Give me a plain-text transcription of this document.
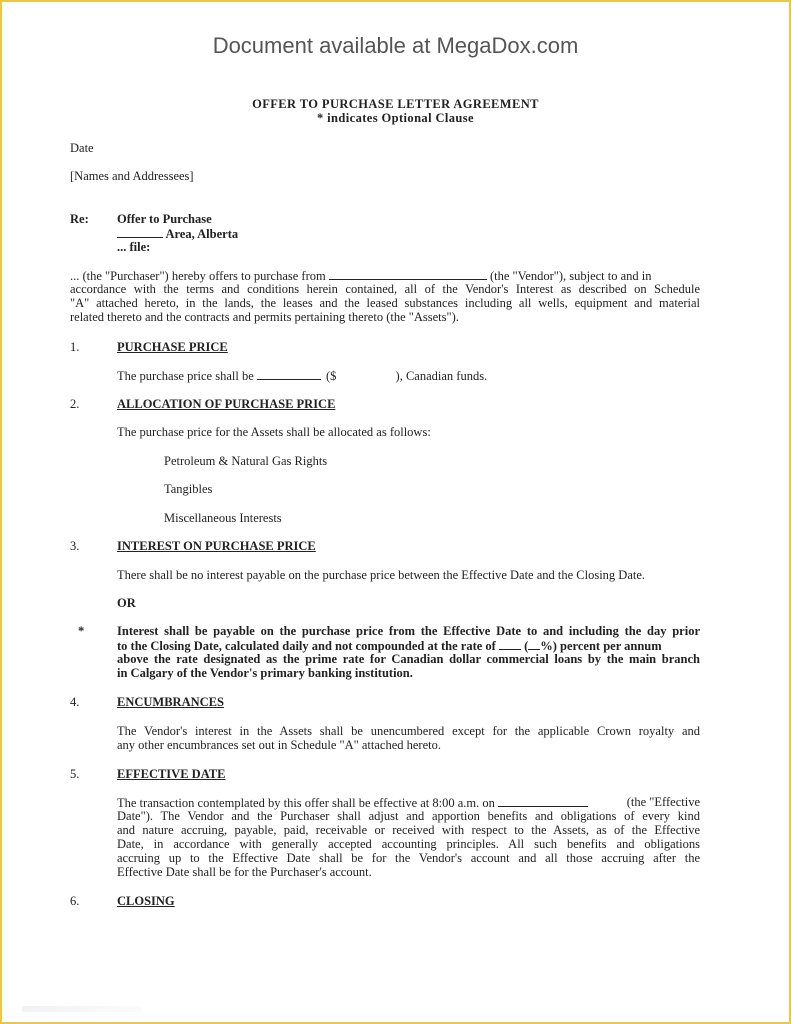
Document available at MegaDox.com
OFFER TO PURCHASE LETTER AGREEMENT
* indicates Optional Clause
Date
[Names and Addressees]
Re: Offer to Purchase
Area, Alberta
... file:
... (the "Purchaser") hereby offers to purchase from	(the "Vendor"), subject to and in
accordance with the terms and conditions herein contained, all of the Vendor's Interest as described on Schedule
"A" attached hereto, in the lands, the leases and the leased substances including all wells, equipment and material
related thereto and the contracts and permits pertaining thereto (the "Assets").
1.	PURCHASE PRICE
The purchase price shall be	($	), Canadian funds.
2.	ALLOCATION OF PURCHASE PRICE
The purchase price for the Assets shall be allocated as follows:
Petroleum & Natural Gas Rights
Tangibles
Miscellaneous Interests
3.	INTEREST ON PURCHASE PRICE
There shall be no interest payable on the purchase price between the Effective Date and the Closing Date.
OR
*	Interest shall be payable on the purchase price from the Effective Date to and including the day prior
to the Closing Date, calculated daily and not compounded at the rate of ( %) percent per annum
above the rate designated as the prime rate for Canadian dollar commercial loans by the main branch
in Calgary of the Vendor's primary banking institution.
4.	ENCUMBRANCES
The Vendor's interest in the Assets shall be unencumbered except for the applicable Crown royalty and
any other encumbrances set out in Schedule "A" attached hereto.
5.	EFFECTIVE DATE
The transaction contemplated by this offer shall be effective at 8:00 a.m. on	(the "Effective
Date"). The Vendor and the Purchaser shall adjust and apportion benefits and obligations of every kind
and nature accruing, payable, paid, receivable or received with respect to the Assets, as of the Effective
Date, in accordance with generally accepted accounting principles. All such benefits and obligations
accruing up to the Effective Date shall be for the Vendor's account and all those accruing after the
Effective Date shall be for the Purchaser's account.
6.	CLOSING
